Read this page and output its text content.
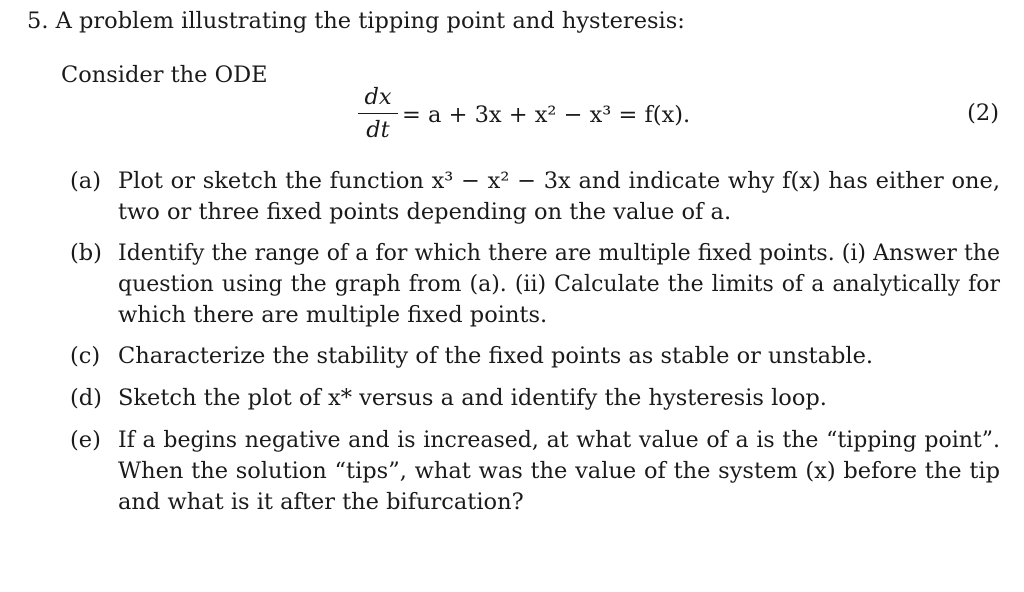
5. A problem illustrating the tipping point and hysteresis:
Consider the ODE
dx
dt
= a + 3x + x² − x³ = f(x).	(2)
(a) Plot or sketch the function x³ − x² − 3x and indicate why f(x) has either one,
two or three fixed points depending on the value of a.
(b) Identify the range of a for which there are multiple fixed points. (i) Answer the
question using the graph from (a). (ii) Calculate the limits of a analytically for
which there are multiple fixed points.
(c) Characterize the stability of the fixed points as stable or unstable.
(d) Sketch the plot of x* versus a and identify the hysteresis loop.
(e) If a begins negative and is increased, at what value of a is the “tipping point”.
When the solution “tips”, what was the value of the system (x) before the tip
and what is it after the bifurcation?
